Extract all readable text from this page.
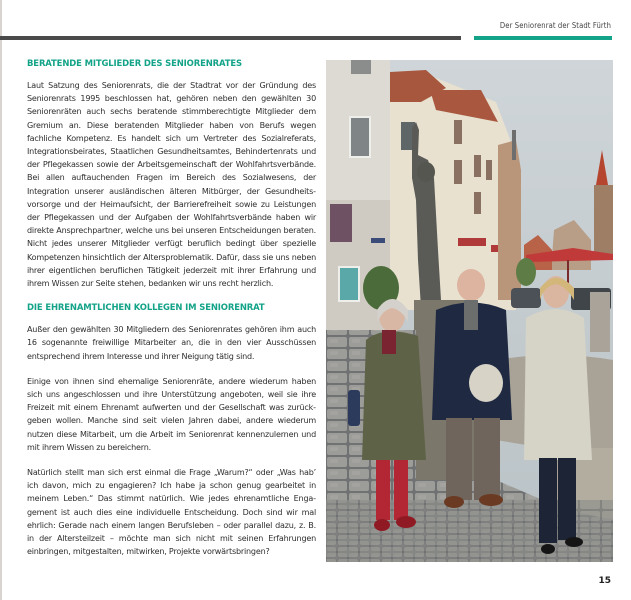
Der Seniorenrat der Stadt Fürth
BERATENDE MITGLIEDER DES SENIORENRATES

Laut Satzung des Seniorenrats, die der Stadtrat vor der Gründung des Seniorenrats 1995 beschlossen hat, gehören neben den gewählten 30 Seniorenräten auch sechs beratende stimmberechtigte Mitglieder dem Gremium an. Diese beratenden Mitglieder haben von Berufs wegen fachliche Kompetenz. Es handelt sich um Vertreter des Sozialreferats, Integrationsbeirates, Staatlichen Gesundheitsamtes, Behindertenrats und der Pflegekassen sowie der Arbeitsgemeinschaft der Wohlfahrtsverbände. Bei allen auftauchenden Fragen im Bereich des Sozialwesens, der Integration unserer ausländischen älteren Mitbürger, der Gesundheitsvorsorge und der Heimaufsicht, der Barrierefreiheit sowie zu Leistungen der Pflegekassen und der Aufgaben der Wohlfahrtsverbände haben wir direkte Ansprechpartner, welche uns bei unseren Entscheidungen beraten. Nicht jedes unserer Mitglieder verfügt beruflich bedingt über spezielle Kompetenzen hinsichtlich der Altersproblematik. Dafür, dass sie uns neben ihrer eigentlichen beruflichen Tätigkeit jederzeit mit ihrer Erfahrung und ihrem Wissen zur Seite stehen, bedanken wir uns recht herzlich.

DIE EHRENAMTLICHEN KOLLEGEN IM SENIORENRAT

Außer den gewählten 30 Mitgliedern des Seniorenrates gehören ihm auch 16 sogenannte freiwillige Mitarbeiter an, die in den vier Ausschüssen entsprechend ihrem Interesse und ihrer Neigung tätig sind.

Einige von ihnen sind ehemalige Seniorenräte, andere wiederum haben sich uns angeschlossen und ihre Unterstützung angeboten, weil sie ihre Freizeit mit einem Ehrenamt aufwerten und der Gesellschaft was zurückgeben wollen. Manche sind seit vielen Jahren dabei, andere wiederum nutzen diese Mitarbeit, um die Arbeit im Seniorenrat kennenzulernen und mit ihrem Wissen zu bereichern.

Natürlich stellt man sich erst einmal die Frage „Warum?“ oder „Was hab’ ich davon, mich zu engagieren? Ich habe ja schon genug gearbeitet in meinem Leben.“ Das stimmt natürlich. Wie jedes ehrenamtliche Engagement ist auch dies eine individuelle Entscheidung. Doch sind wir mal ehrlich: Gerade nach einem langen Berufsleben – oder parallel dazu, z. B. in der Altersteilzeit – möchte man sich nicht mit seinen Erfahrungen einbringen, mitgestalten, mitwirken, Projekte vorwärtsbringen?

15
